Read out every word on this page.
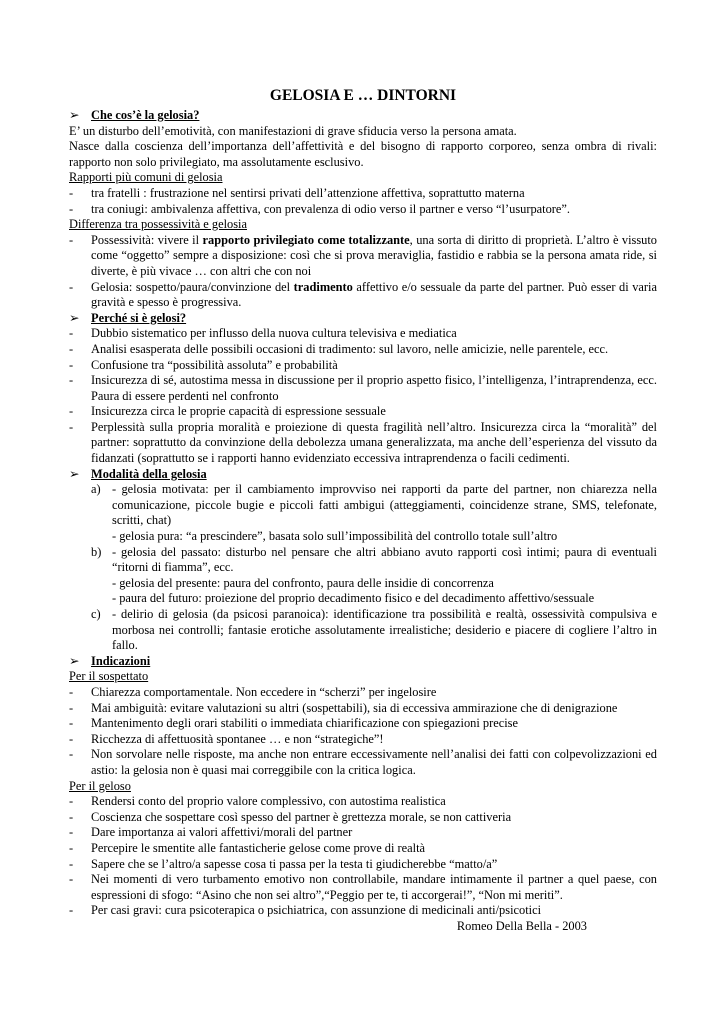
GELOSIA E … DINTORNI
➢ Che cos’è la gelosia?
E’ un disturbo dell’emotività, con manifestazioni di grave sfiducia verso la persona amata.
Nasce dalla coscienza dell’importanza dell’affettività e del bisogno di rapporto corporeo, senza ombra di rivali: rapporto non solo privilegiato, ma assolutamente esclusivo.
Rapporti più comuni di gelosia
- tra fratelli : frustrazione nel sentirsi privati dell’attenzione affettiva, soprattutto materna
- tra coniugi: ambivalenza affettiva, con prevalenza di odio verso il partner e verso “l’usurpatore”.
Differenza tra possessività e gelosia
- Possessività: vivere il rapporto privilegiato come totalizzante, una sorta di diritto di proprietà. L’altro è vissuto come “oggetto” sempre a disposizione: così che si prova meraviglia, fastidio e rabbia se la persona amata ride, si diverte, è più vivace … con altri che con noi
- Gelosia: sospetto/paura/convinzione del tradimento affettivo e/o sessuale da parte del partner. Può esser di varia gravità e spesso è progressiva.
➢ Perché si è gelosi?
- Dubbio sistematico per influsso della nuova cultura televisiva e mediatica
- Analisi esasperata delle possibili occasioni di tradimento: sul lavoro, nelle amicizie, nelle parentele, ecc.
- Confusione tra “possibilità assoluta” e probabilità
- Insicurezza di sé, autostima messa in discussione per il proprio aspetto fisico, l’intelligenza, l’intraprendenza, ecc. Paura di essere perdenti nel confronto
- Insicurezza circa le proprie capacità di espressione sessuale
- Perplessità sulla propria moralità e proiezione di questa fragilità nell’altro. Insicurezza circa la “moralità” del partner: soprattutto da convinzione della debolezza umana generalizzata, ma anche dell’esperienza del vissuto da fidanzati (soprattutto se i rapporti hanno evidenziato eccessiva intraprendenza o facili cedimenti.
➢ Modalità della gelosia
a) - gelosia motivata: per il cambiamento improvviso nei rapporti da parte del partner, non chiarezza nella comunicazione, piccole bugie e piccoli fatti ambigui (atteggiamenti, coincidenze strane, SMS, telefonate, scritti, chat)
- gelosia pura: “a prescindere”, basata solo sull’impossibilità del controllo totale sull’altro
b) - gelosia del passato: disturbo nel pensare che altri abbiano avuto rapporti così intimi; paura di eventuali “ritorni di fiamma”, ecc.
- gelosia del presente: paura del confronto, paura delle insidie di concorrenza
- paura del futuro: proiezione del proprio decadimento fisico e del decadimento affettivo/sessuale
c) - delirio di gelosia (da psicosi paranoica): identificazione tra possibilità e realtà, ossessività compulsiva e morbosa nei controlli; fantasie erotiche assolutamente irrealistiche; desiderio e piacere di cogliere l’altro in fallo.
➢ Indicazioni
Per il sospettato
- Chiarezza comportamentale. Non eccedere in “scherzi” per ingelosire
- Mai ambiguità: evitare valutazioni su altri (sospettabili), sia di eccessiva ammirazione che di denigrazione
- Mantenimento degli orari stabiliti o immediata chiarificazione con spiegazioni precise
- Ricchezza di affettuosità spontanee … e non “strategiche”!
- Non sorvolare nelle risposte, ma anche non entrare eccessivamente nell’analisi dei fatti con colpevolizzazioni ed astio: la gelosia non è quasi mai correggibile con la critica logica.
Per il geloso
- Rendersi conto del proprio valore complessivo, con autostima realistica
- Coscienza che sospettare così spesso del partner è grettezza morale, se non cattiveria
- Dare importanza ai valori affettivi/morali del partner
- Percepire le smentite alle fantasticherie gelose come prove di realtà
- Sapere che se l’altro/a sapesse cosa ti passa per la testa ti giudicherebbe “matto/a”
- Nei momenti di vero turbamento emotivo non controllabile, mandare intimamente il partner a quel paese, con espressioni di sfogo: “Asino che non sei altro”,“Peggio per te, ti accorgerai!”, “Non mi meriti”.
- Per casi gravi: cura psicoterapica o psichiatrica, con assunzione di medicinali anti/psicotici
Romeo Della Bella - 2003
